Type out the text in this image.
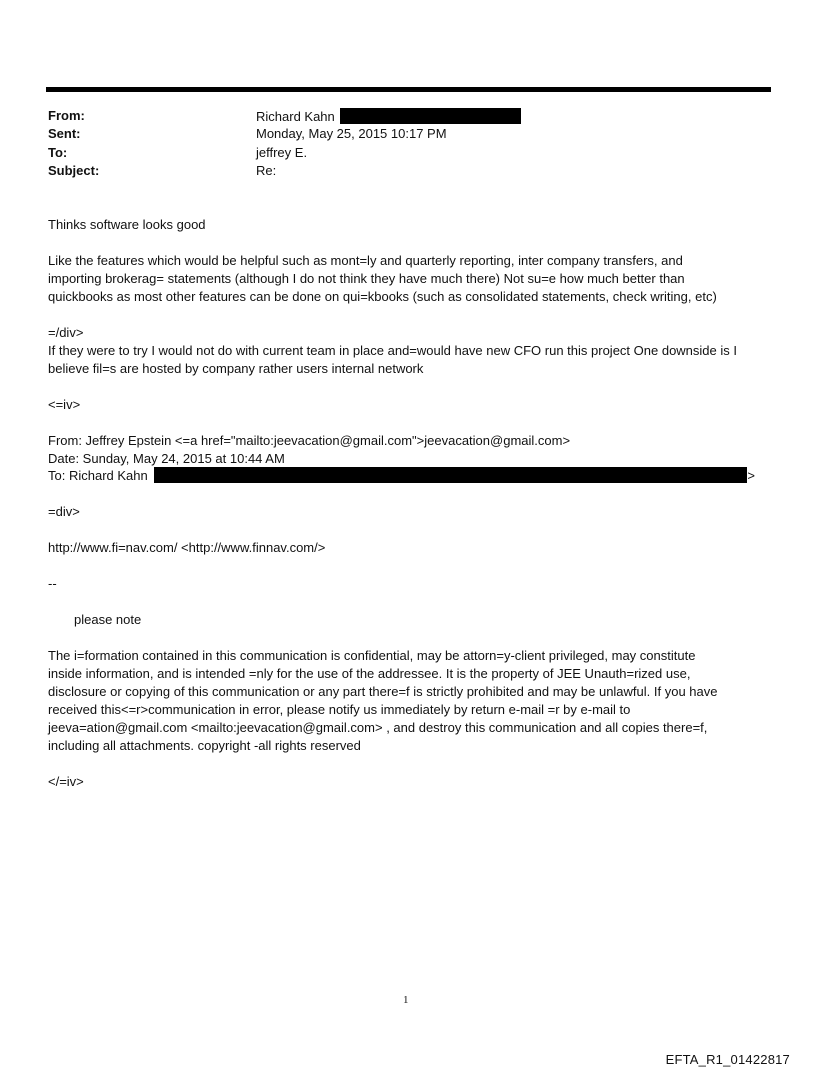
From:	Richard Kahn
Sent:	Monday, May 25, 2015 10:17 PM
To:	jeffrey E.
Subject:	Re:
Thinks software looks good
Like the features which would be helpful such as mont=ly and quarterly reporting, inter company transfers, and
importing brokerag= statements (although I do not think they have much there) Not su=e how much better than
quickbooks as most other features can be done on qui=kbooks (such as consolidated statements, check writing, etc)
=/div>
If they were to try I would not do with current team in place and=would have new CFO run this project One downside is I
believe fil=s are hosted by company rather users internal network
<=iv>
From: Jeffrey Epstein <=a href="mailto:jeevacation@gmail.com">jeevacation@gmail.com>
Date: Sunday, May 24, 2015 at 10:44 AM
To: Richard Kahn	>
=div>
http://www.fi=nav.com/ <http://www.finnav.com/>
--
please note
The i=formation contained in this communication is confidential, may be attorn=y-client privileged, may constitute
inside information, and is intended =nly for the use of the addressee. It is the property of JEE Unauth=rized use,
disclosure or copying of this communication or any part there=f is strictly prohibited and may be unlawful. If you have
received this<=r>communication in error, please notify us immediately by return e-mail =r by e-mail to
jeeva=ation@gmail.com <mailto:jeevacation@gmail.com> , and destroy this communication and all copies there=f,
including all attachments. copyright -all rights reserved
</=iv>
1
EFTA_R1_01422817
